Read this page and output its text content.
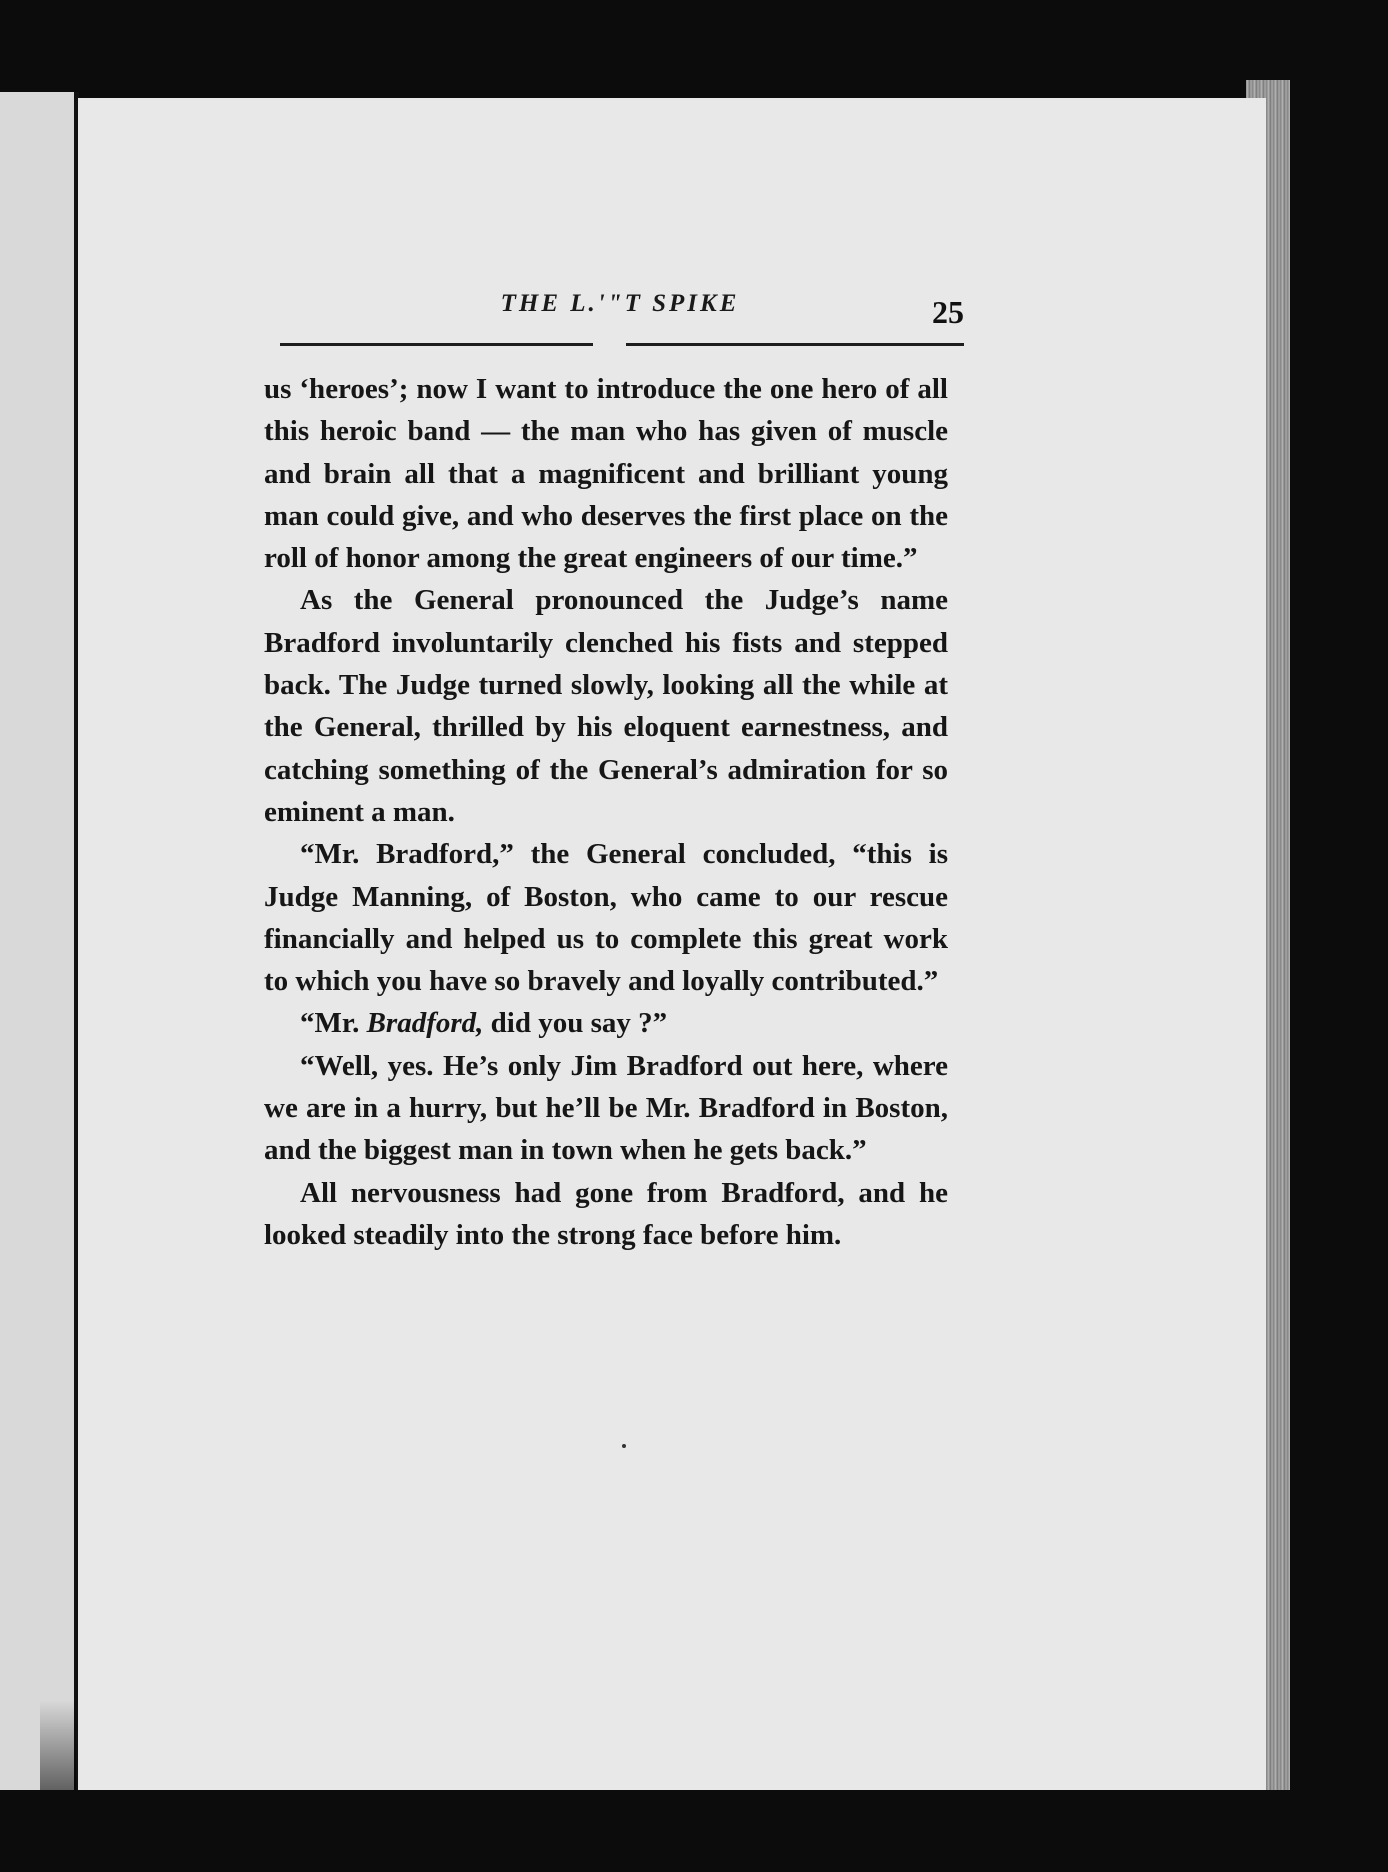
THE L.'"T SPIKE	25

us ‘heroes’; now I want to introduce the one hero of all this heroic band — the man who has given of muscle and brain all that a magnificent and brilliant young man could give, and who deserves the first place on the roll of honor among the great engineers of our time.”

As the General pronounced the Judge’s name Bradford involuntarily clenched his fists and stepped back. The Judge turned slowly, looking all the while at the General, thrilled by his eloquent earnestness, and catching something of the General’s admiration for so eminent a man.

“Mr. Bradford,” the General concluded, “this is Judge Manning, of Boston, who came to our rescue financially and helped us to complete this great work to which you have so bravely and loyally contributed.”

“Mr. Bradford, did you say ?”

“Well, yes. He’s only Jim Bradford out here, where we are in a hurry, but he’ll be Mr. Bradford in Boston, and the biggest man in town when he gets back.”

All nervousness had gone from Bradford, and he looked steadily into the strong face before him.
